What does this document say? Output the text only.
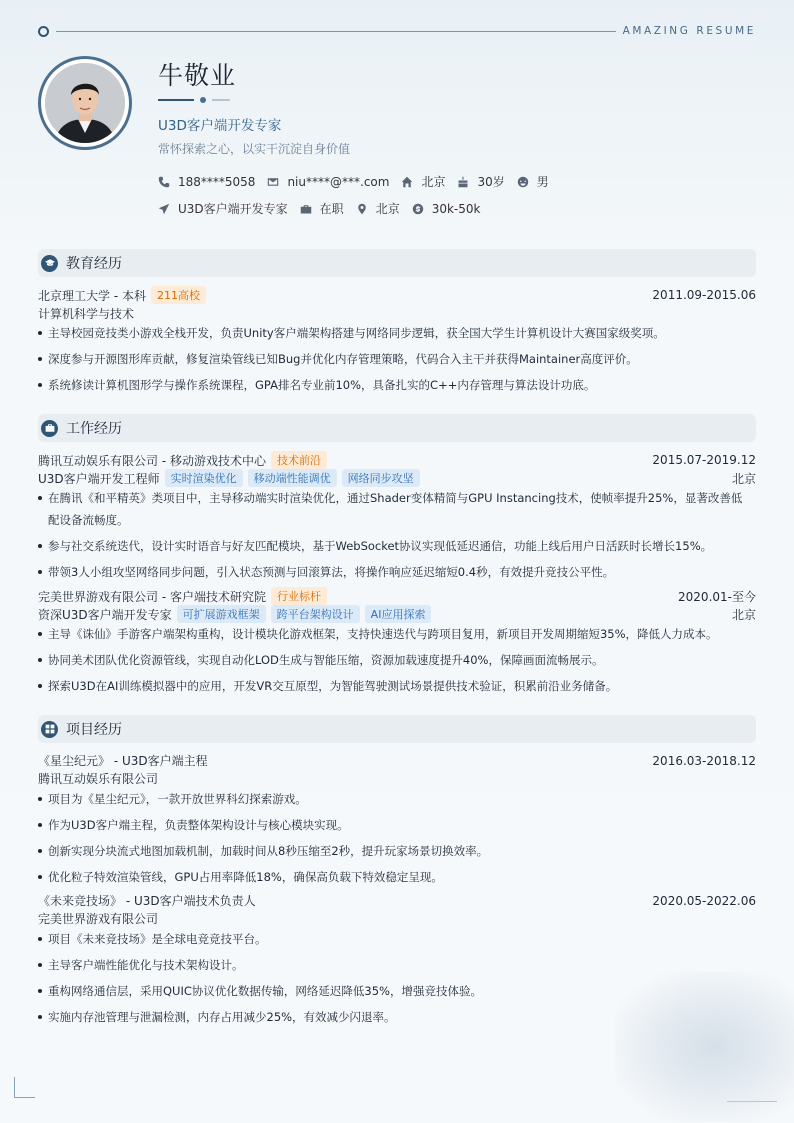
AMAZING RESUME
牛敬业
U3D客户端开发专家
常怀探索之心，以实干沉淀自身价值
188****5058	niu****@***.com	北京	30岁	男
U3D客户端开发专家	在职	北京	30k-50k
教育经历
北京理工大学 - 本科	211高校	2011.09-2015.06
计算机科学与技术
主导校园竞技类小游戏全栈开发，负责Unity客户端架构搭建与网络同步逻辑，获全国大学生计算机设计大赛国家级奖项。
深度参与开源图形库贡献，修复渲染管线已知Bug并优化内存管理策略，代码合入主干并获得Maintainer高度评价。
系统修读计算机图形学与操作系统课程，GPA排名专业前10%，具备扎实的C++内存管理与算法设计功底。
工作经历
腾讯互动娱乐有限公司 - 移动游戏技术中心	技术前沿	2015.07-2019.12
U3D客户端开发工程师	实时渲染优化	移动端性能调优	网络同步攻坚	北京
在腾讯《和平精英》类项目中，主导移动端实时渲染优化，通过Shader变体精简与GPU Instancing技术，使帧率提升25%，显著改善低
配设备流畅度。
参与社交系统迭代，设计实时语音与好友匹配模块，基于WebSocket协议实现低延迟通信，功能上线后用户日活跃时长增长15%。
带领3人小组攻坚网络同步问题，引入状态预测与回滚算法，将操作响应延迟缩短0.4秒，有效提升竞技公平性。
完美世界游戏有限公司 - 客户端技术研究院	行业标杆	2020.01-至今
资深U3D客户端开发专家	可扩展游戏框架	跨平台架构设计	AI应用探索	北京
主导《诛仙》手游客户端架构重构，设计模块化游戏框架，支持快速迭代与跨项目复用，新项目开发周期缩短35%，降低人力成本。
协同美术团队优化资源管线，实现自动化LOD生成与智能压缩，资源加载速度提升40%，保障画面流畅展示。
探索U3D在AI训练模拟器中的应用，开发VR交互原型，为智能驾驶测试场景提供技术验证，积累前沿业务储备。
项目经历
《星尘纪元》 - U3D客户端主程	2016.03-2018.12
腾讯互动娱乐有限公司
项目为《星尘纪元》，一款开放世界科幻探索游戏。
作为U3D客户端主程，负责整体架构设计与核心模块实现。
创新实现分块流式地图加载机制，加载时间从8秒压缩至2秒，提升玩家场景切换效率。
优化粒子特效渲染管线，GPU占用率降低18%，确保高负载下特效稳定呈现。
《未来竞技场》 - U3D客户端技术负责人	2020.05-2022.06
完美世界游戏有限公司
项目《未来竞技场》是全球电竞竞技平台。
主导客户端性能优化与技术架构设计。
重构网络通信层，采用QUIC协议优化数据传输，网络延迟降低35%，增强竞技体验。
实施内存池管理与泄漏检测，内存占用减少25%，有效减少闪退率。
